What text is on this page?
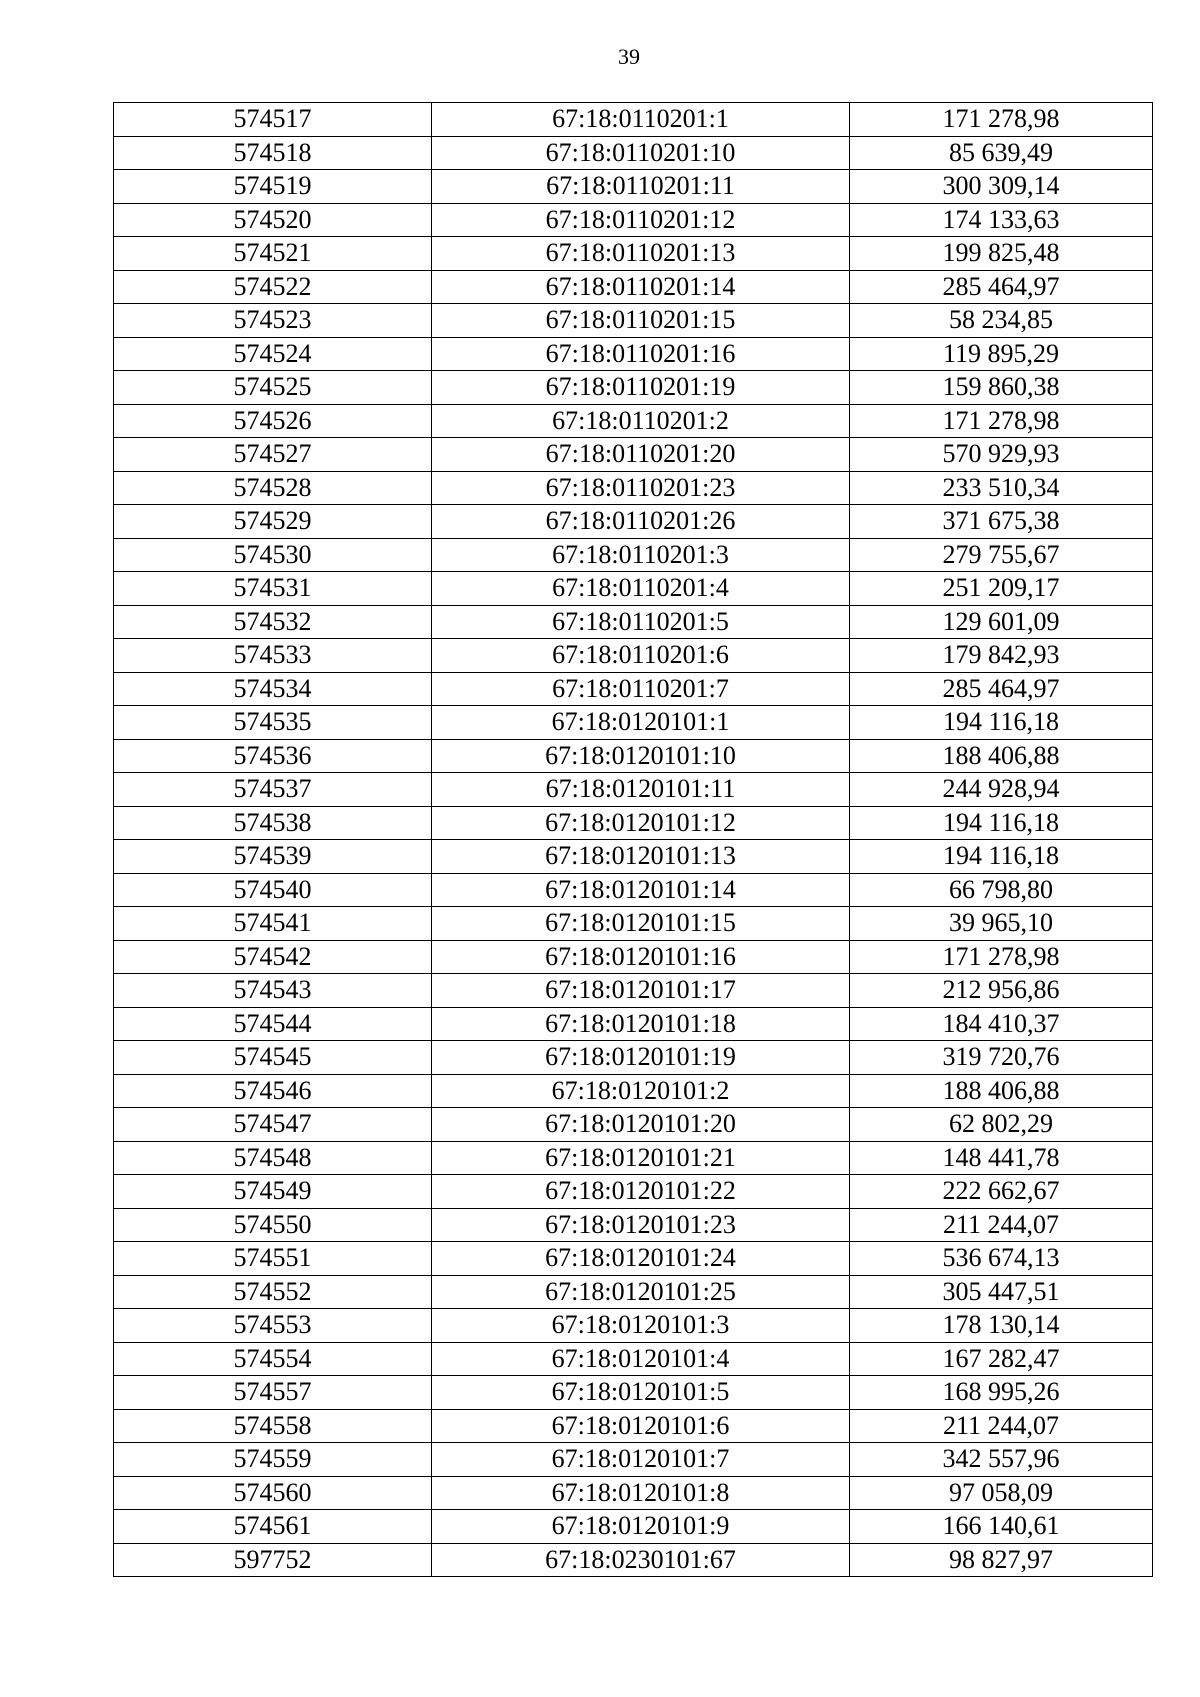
39
574517	67:18:0110201:1	171 278,98
574518	67:18:0110201:10	85 639,49
574519	67:18:0110201:11	300 309,14
574520	67:18:0110201:12	174 133,63
574521	67:18:0110201:13	199 825,48
574522	67:18:0110201:14	285 464,97
574523	67:18:0110201:15	58 234,85
574524	67:18:0110201:16	119 895,29
574525	67:18:0110201:19	159 860,38
574526	67:18:0110201:2	171 278,98
574527	67:18:0110201:20	570 929,93
574528	67:18:0110201:23	233 510,34
574529	67:18:0110201:26	371 675,38
574530	67:18:0110201:3	279 755,67
574531	67:18:0110201:4	251 209,17
574532	67:18:0110201:5	129 601,09
574533	67:18:0110201:6	179 842,93
574534	67:18:0110201:7	285 464,97
574535	67:18:0120101:1	194 116,18
574536	67:18:0120101:10	188 406,88
574537	67:18:0120101:11	244 928,94
574538	67:18:0120101:12	194 116,18
574539	67:18:0120101:13	194 116,18
574540	67:18:0120101:14	66 798,80
574541	67:18:0120101:15	39 965,10
574542	67:18:0120101:16	171 278,98
574543	67:18:0120101:17	212 956,86
574544	67:18:0120101:18	184 410,37
574545	67:18:0120101:19	319 720,76
574546	67:18:0120101:2	188 406,88
574547	67:18:0120101:20	62 802,29
574548	67:18:0120101:21	148 441,78
574549	67:18:0120101:22	222 662,67
574550	67:18:0120101:23	211 244,07
574551	67:18:0120101:24	536 674,13
574552	67:18:0120101:25	305 447,51
574553	67:18:0120101:3	178 130,14
574554	67:18:0120101:4	167 282,47
574557	67:18:0120101:5	168 995,26
574558	67:18:0120101:6	211 244,07
574559	67:18:0120101:7	342 557,96
574560	67:18:0120101:8	97 058,09
574561	67:18:0120101:9	166 140,61
597752	67:18:0230101:67	98 827,97
